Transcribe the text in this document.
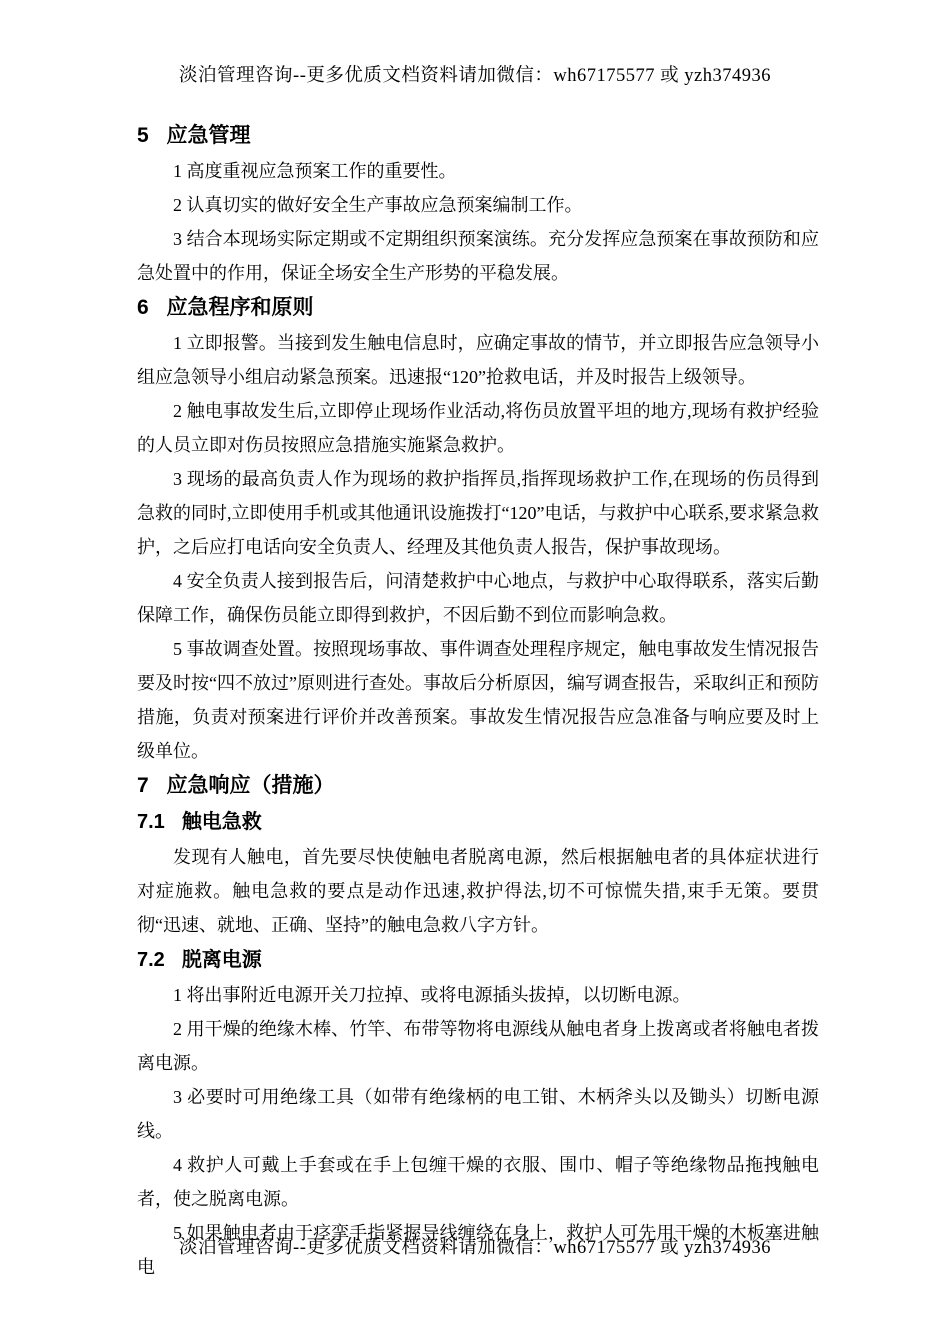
淡泊管理咨询--更多优质文档资料请加微信：wh67175577 或 yzh374936
5 应急管理

1 高度重视应急预案工作的重要性。

2 认真切实的做好安全生产事故应急预案编制工作。

3 结合本现场实际定期或不定期组织预案演练。充分发挥应急预案在事故预防和应急处置中的作用，保证全场安全生产形势的平稳发展。

6 应急程序和原则

1 立即报警。当接到发生触电信息时，应确定事故的情节，并立即报告应急领导小组应急领导小组启动紧急预案。迅速报“120”抢救电话，并及时报告上级领导。

2 触电事故发生后,立即停止现场作业活动,将伤员放置平坦的地方,现场有救护经验的人员立即对伤员按照应急措施实施紧急救护。

3 现场的最高负责人作为现场的救护指挥员,指挥现场救护工作,在现场的伤员得到急救的同时,立即使用手机或其他通讯设施拨打“120”电话，与救护中心联系,要求紧急救护，之后应打电话向安全负责人、经理及其他负责人报告，保护事故现场。

4 安全负责人接到报告后，问清楚救护中心地点，与救护中心取得联系，落实后勤保障工作，确保伤员能立即得到救护，不因后勤不到位而影响急救。

5 事故调查处置。按照现场事故、事件调查处理程序规定，触电事故发生情况报告要及时按“四不放过”原则进行查处。事故后分析原因，编写调查报告，采取纠正和预防措施，负责对预案进行评价并改善预案。事故发生情况报告应急准备与响应要及时上级单位。

7 应急响应（措施）
7.1 触电急救

发现有人触电，首先要尽快使触电者脱离电源，然后根据触电者的具体症状进行对症施救。触电急救的要点是动作迅速,救护得法,切不可惊慌失措,束手无策。要贯彻“迅速、就地、正确、坚持”的触电急救八字方针。

7.2 脱离电源

1 将出事附近电源开关刀拉掉、或将电源插头拔掉，以切断电源。

2 用干燥的绝缘木棒、竹竿、布带等物将电源线从触电者身上拨离或者将触电者拨离电源。

3 必要时可用绝缘工具（如带有绝缘柄的电工钳、木柄斧头以及锄头）切断电源线。

4 救护人可戴上手套或在手上包缠干燥的衣服、围巾、帽子等绝缘物品拖拽触电者，使之脱离电源。

5 如果触电者由于痉挛手指紧握导线缠绕在身上，救护人可先用干燥的木板塞进触电

淡泊管理咨询--更多优质文档资料请加微信：wh67175577 或 yzh374936
